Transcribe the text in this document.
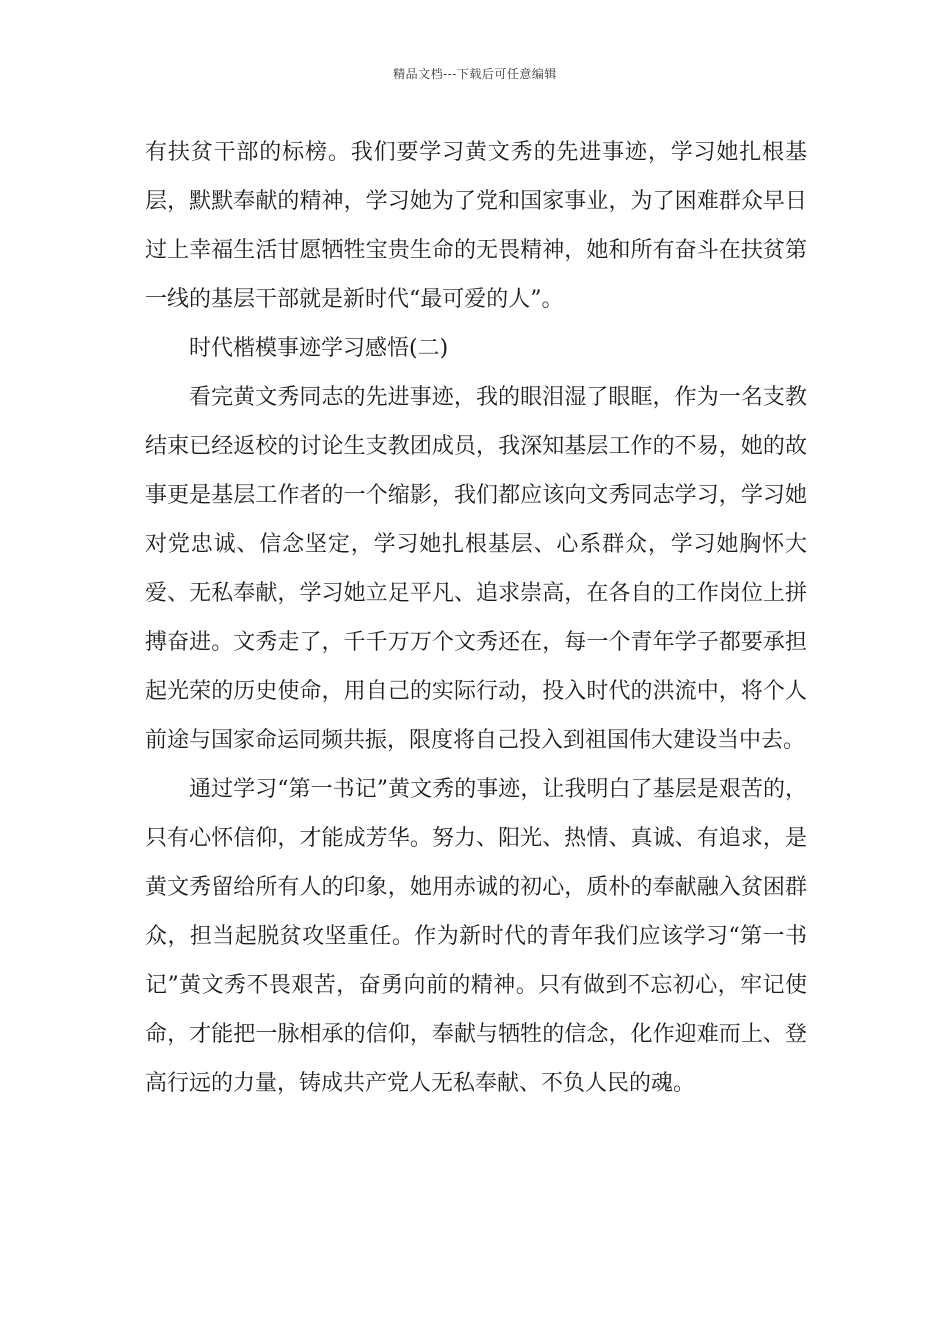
精品文档---下载后可任意编辑

有扶贫干部的标榜。我们要学习黄文秀的先进事迹，学习她扎根基层，默默奉献的精神，学习她为了党和国家事业，为了困难群众早日过上幸福生活甘愿牺牲宝贵生命的无畏精神，她和所有奋斗在扶贫第一线的基层干部就是新时代“最可爱的人”。

时代楷模事迹学习感悟(二)

看完黄文秀同志的先进事迹，我的眼泪湿了眼眶，作为一名支教结束已经返校的讨论生支教团成员，我深知基层工作的不易，她的故事更是基层工作者的一个缩影，我们都应该向文秀同志学习，学习她对党忠诚、信念坚定，学习她扎根基层、心系群众，学习她胸怀大爱、无私奉献，学习她立足平凡、追求崇高，在各自的工作岗位上拼搏奋进。文秀走了，千千万万个文秀还在，每一个青年学子都要承担起光荣的历史使命，用自己的实际行动，投入时代的洪流中，将个人前途与国家命运同频共振，限度将自己投入到祖国伟大建设当中去。

通过学习“第一书记”黄文秀的事迹，让我明白了基层是艰苦的，只有心怀信仰，才能成芳华。努力、阳光、热情、真诚、有追求，是黄文秀留给所有人的印象，她用赤诚的初心，质朴的奉献融入贫困群众，担当起脱贫攻坚重任。作为新时代的青年我们应该学习“第一书记”黄文秀不畏艰苦，奋勇向前的精神。只有做到不忘初心，牢记使命，才能把一脉相承的信仰，奉献与牺牲的信念，化作迎难而上、登高行远的力量，铸成共产党人无私奉献、不负人民的魂。
